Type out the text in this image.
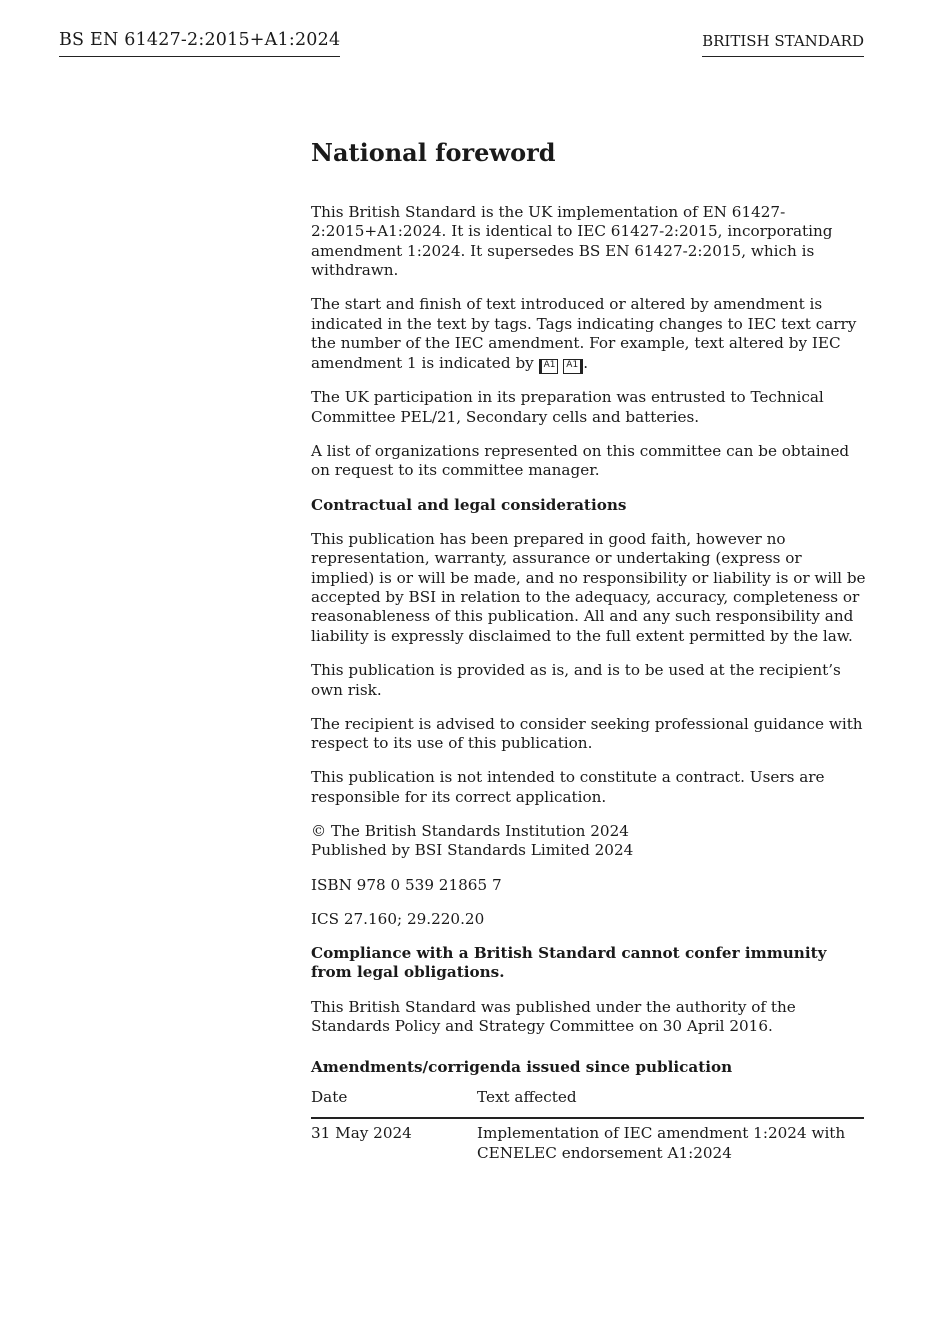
BS EN 61427-2:2015+A1:2024	BRITISH STANDARD
National foreword

This British Standard is the UK implementation of EN 61427-2:2015+A1:2024. It is identical to IEC 61427-2:2015, incorporating amendment 1:2024. It supersedes BS EN 61427-2:2015, which is withdrawn.

The start and finish of text introduced or altered by amendment is indicated in the text by tags. Tags indicating changes to IEC text carry the number of the IEC amendment. For example, text altered by IEC amendment 1 is indicated by A1 A1 .

The UK participation in its preparation was entrusted to Technical Committee PEL/21, Secondary cells and batteries.

A list of organizations represented on this committee can be obtained on request to its committee manager.

Contractual and legal considerations

This publication has been prepared in good faith, however no representation, warranty, assurance or undertaking (express or implied) is or will be made, and no responsibility or liability is or will be accepted by BSI in relation to the adequacy, accuracy, completeness or reasonableness of this publication. All and any such responsibility and liability is expressly disclaimed to the full extent permitted by the law.

This publication is provided as is, and is to be used at the recipient’s own risk.

The recipient is advised to consider seeking professional guidance with respect to its use of this publication.

This publication is not intended to constitute a contract. Users are responsible for its correct application.

© The British Standards Institution 2024
Published by BSI Standards Limited 2024

ISBN 978 0 539 21865 7

ICS 27.160; 29.220.20

Compliance with a British Standard cannot confer immunity from legal obligations.

This British Standard was published under the authority of the Standards Policy and Strategy Committee on 30 April 2016.

Amendments/corrigenda issued since publication
Date	Text affected
31 May 2024	Implementation of IEC amendment 1:2024 with CENELEC endorsement A1:2024
